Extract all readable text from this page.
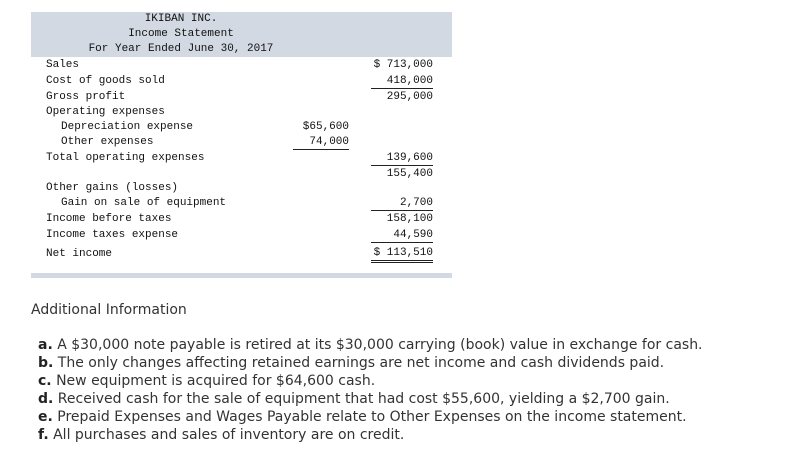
IKIBAN INC.
Income Statement
For Year Ended June 30, 2017
Sales	$ 713,000
Cost of goods sold	418,000
Gross profit	295,000
Operating expenses
Depreciation expense	$65,600
Other expenses	74,000
Total operating expenses	139,600
155,400
Other gains (losses)
Gain on sale of equipment	2,700
Income before taxes	158,100
Income taxes expense	44,590
Net income	$ 113,510
Additional Information
a. A $30,000 note payable is retired at its $30,000 carrying (book) value in exchange for cash.
b. The only changes affecting retained earnings are net income and cash dividends paid.
c. New equipment is acquired for $64,600 cash.
d. Received cash for the sale of equipment that had cost $55,600, yielding a $2,700 gain.
e. Prepaid Expenses and Wages Payable relate to Other Expenses on the income statement.
f. All purchases and sales of inventory are on credit.
